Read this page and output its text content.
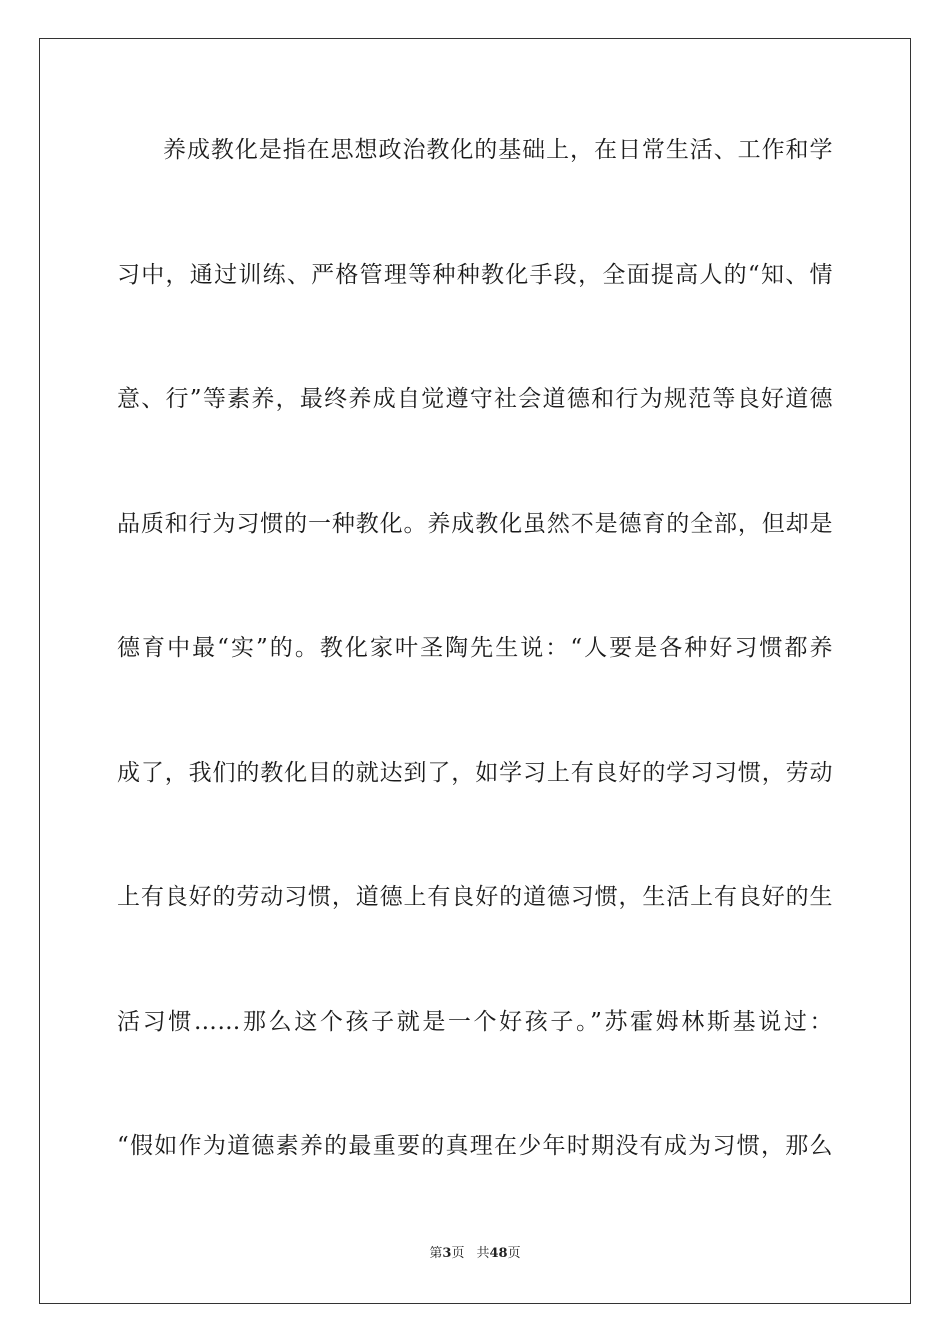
养成教化是指在思想政治教化的基础上，在日常生活、工作和学
习中，通过训练、严格管理等种种教化手段，全面提高人的“知、情
意、行”等素养，最终养成自觉遵守社会道德和行为规范等良好道德
品质和行为习惯的一种教化。养成教化虽然不是德育的全部，但却是
德育中最“实”的。教化家叶圣陶先生说：“人要是各种好习惯都养
成了，我们的教化目的就达到了，如学习上有良好的学习习惯，劳动
上有良好的劳动习惯，道德上有良好的道德习惯，生活上有良好的生
活习惯……那么这个孩子就是一个好孩子。”苏霍姆林斯基说过：
“假如作为道德素养的最重要的真理在少年时期没有成为习惯，那么
第3页 共48页
